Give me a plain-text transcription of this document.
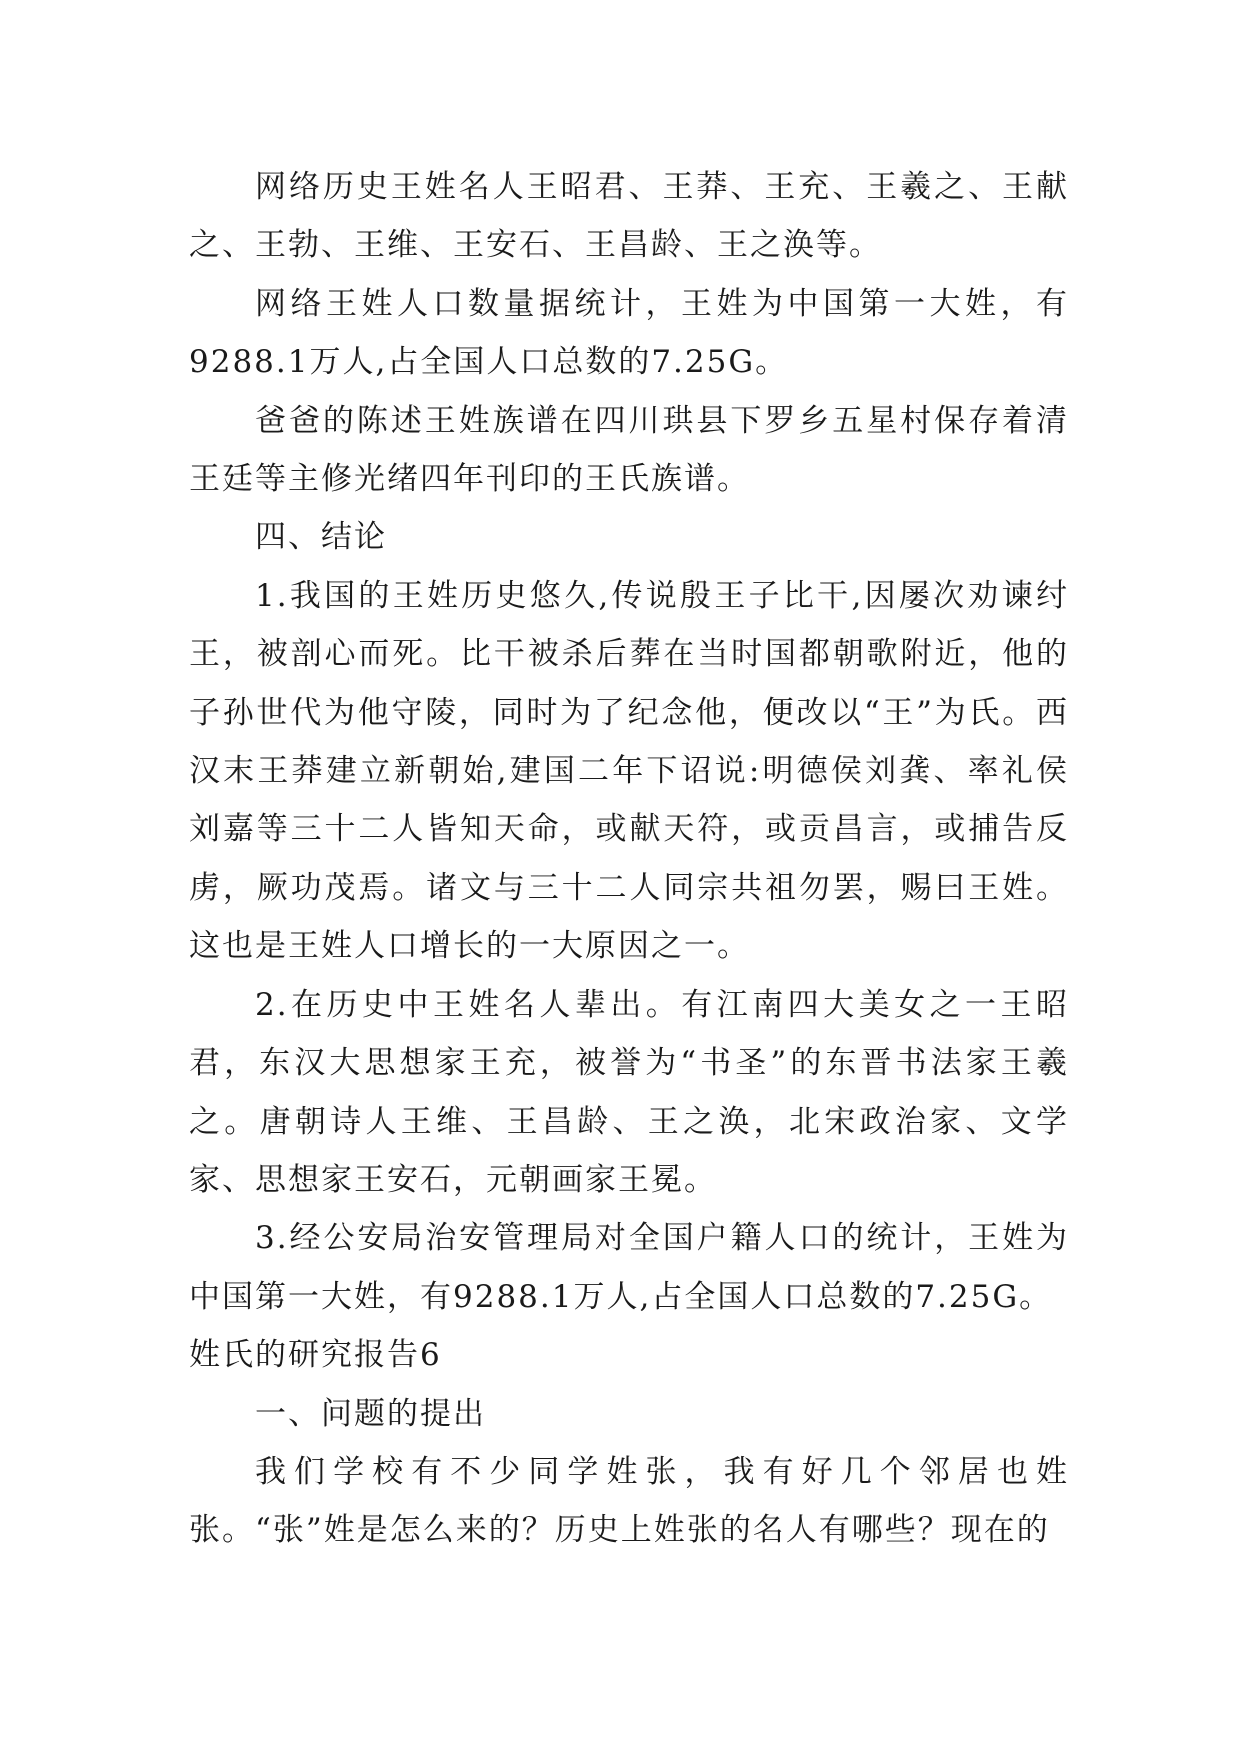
网络历史王姓名人王昭君、王莽、王充、王羲之、王献之、王勃、王维、王安石、王昌龄、王之涣等。

网络王姓人口数量据统计，王姓为中国第一大姓，有9288.1万人,占全国人口总数的7.25G。

爸爸的陈述王姓族谱在四川珙县下罗乡五星村保存着清王廷等主修光绪四年刊印的王氏族谱。

四、结论

1.我国的王姓历史悠久,传说殷王子比干,因屡次劝谏纣王，被剖心而死。比干被杀后葬在当时国都朝歌附近，他的子孙世代为他守陵，同时为了纪念他，便改以“王”为氏。西汉末王莽建立新朝始,建国二年下诏说:明德侯刘龚、率礼侯刘嘉等三十二人皆知天命，或献天符，或贡昌言，或捕告反虏，厥功茂焉。诸文与三十二人同宗共祖勿罢，赐曰王姓。这也是王姓人口增长的一大原因之一。

2.在历史中王姓名人辈出。有江南四大美女之一王昭君，东汉大思想家王充，被誉为“书圣”的东晋书法家王羲之。唐朝诗人王维、王昌龄、王之涣，北宋政治家、文学家、思想家王安石，元朝画家王冕。

3.经公安局治安管理局对全国户籍人口的统计，王姓为中国第一大姓，有9288.1万人,占全国人口总数的7.25G。

姓氏的研究报告6

一、问题的提出

我们学校有不少同学姓张，我有好几个邻居也姓张。“张”姓是怎么来的？历史上姓张的名人有哪些？现在的
